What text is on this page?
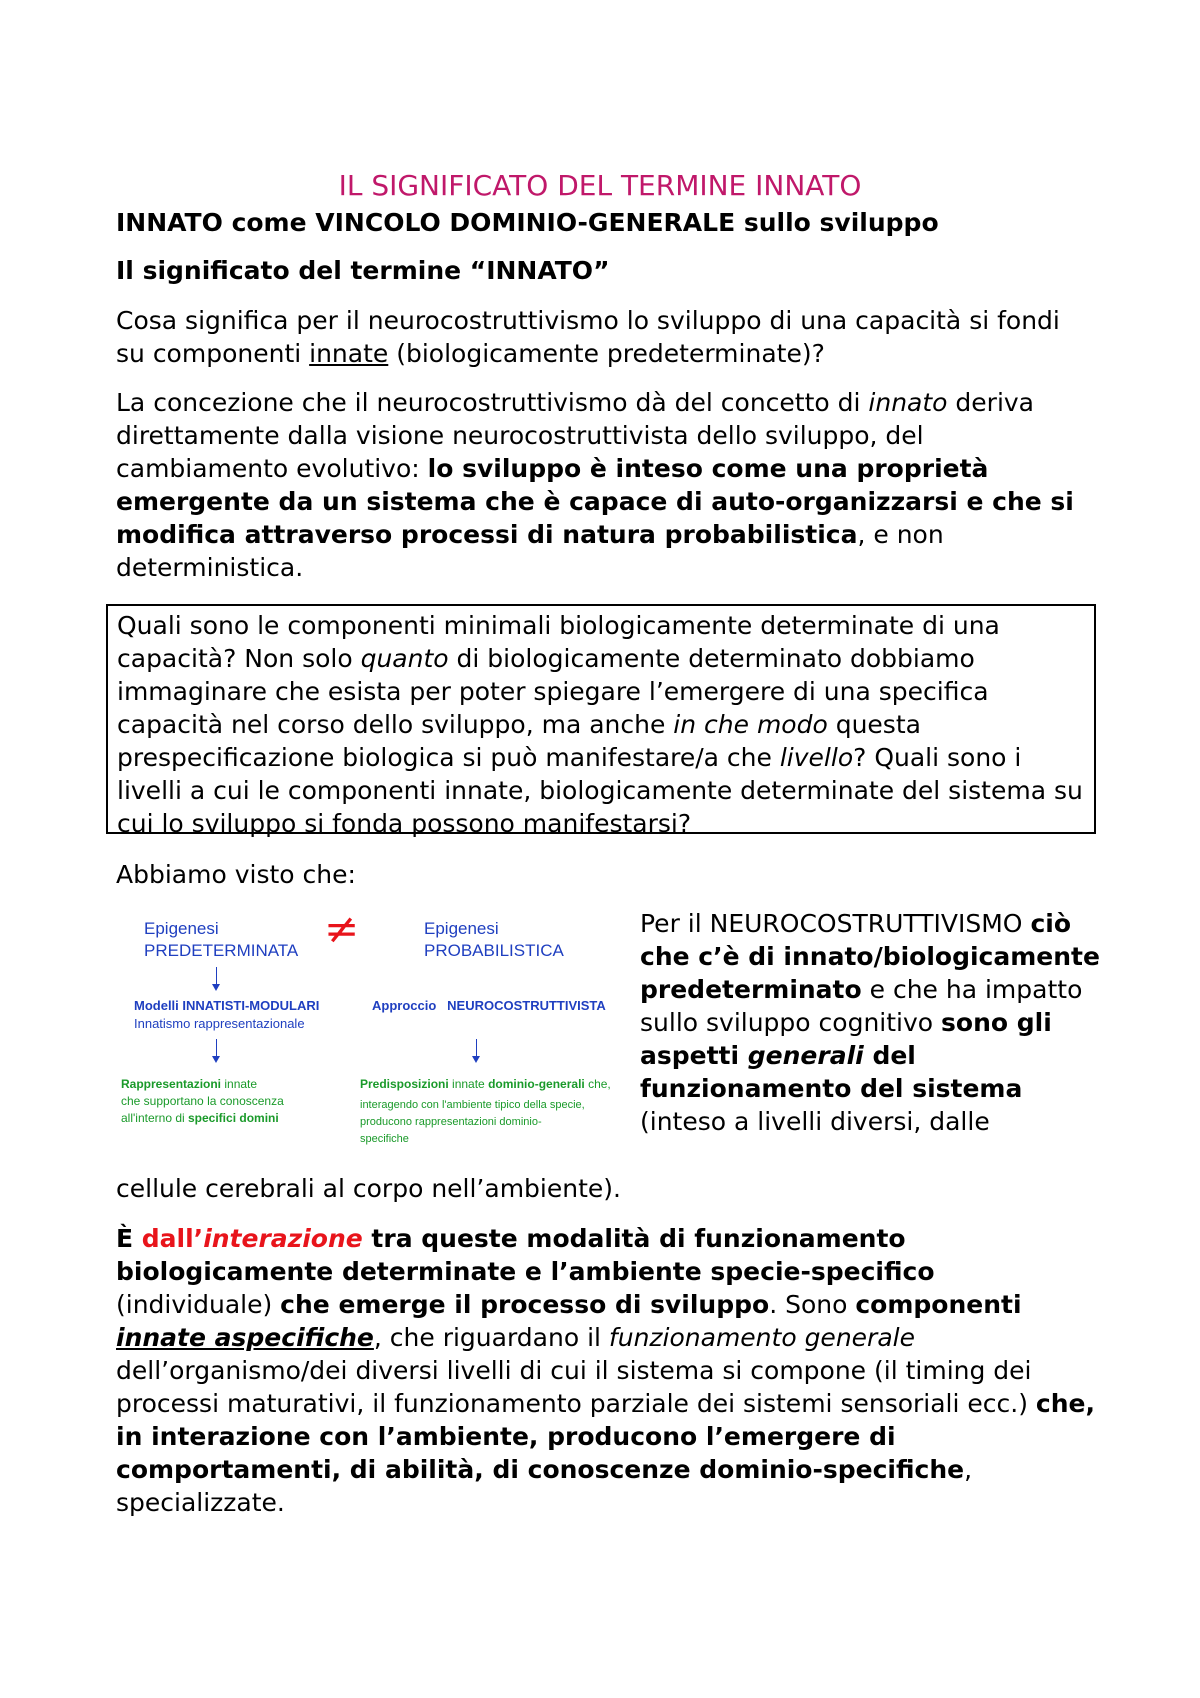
IL SIGNIFICATO DEL TERMINE INNATO
INNATO come VINCOLO DOMINIO-GENERALE sullo sviluppo
Il significato del termine “INNATO”
Cosa significa per il neurocostruttivismo lo sviluppo di una capacità si fondi su componenti innate (biologicamente predeterminate)?
La concezione che il neurocostruttivismo dà del concetto di innato deriva direttamente dalla visione neurocostruttivista dello sviluppo, del cambiamento evolutivo: lo sviluppo è inteso come una proprietà emergente da un sistema che è capace di auto-organizzarsi e che si modifica attraverso processi di natura probabilistica, e non deterministica.
Quali sono le componenti minimali biologicamente determinate di una capacità? Non solo quanto di biologicamente determinato dobbiamo immaginare che esista per poter spiegare l’emergere di una specifica capacità nel corso dello sviluppo, ma anche in che modo questa prespecificazione biologica si può manifestare/a che livello? Quali sono i livelli a cui le componenti innate, biologicamente determinate del sistema su cui lo sviluppo si fonda possono manifestarsi?
Abbiamo visto che:
Epigenesi
PREDETERMINATA
Modelli INNATISTI-MODULARI
Innatismo rappresentazionale
Rappresentazioni innate
che supportano la conoscenza
all'interno di specifici domini
Epigenesi
PROBABILISTICA
Approccio NEUROCOSTRUTTIVISTA
Predisposizioni innate dominio-generali che,
interagendo con l'ambiente tipico della specie,
producono rappresentazioni dominio-
specifiche
≠	Per il NEUROCOSTRUTTIVISMO ciò che c’è di innato/biologicamente predeterminato e che ha impatto sullo sviluppo cognitivo sono gli aspetti generali del funzionamento del sistema (inteso a livelli diversi, dalle
cellule cerebrali al corpo nell’ambiente).
È dall’interazione tra queste modalità di funzionamento biologicamente determinate e l’ambiente specie-specifico (individuale) che emerge il processo di sviluppo. Sono componenti innate aspecifiche, che riguardano il funzionamento generale dell’organismo/dei diversi livelli di cui il sistema si compone (il timing dei processi maturativi, il funzionamento parziale dei sistemi sensoriali ecc.) che, in interazione con l’ambiente, producono l’emergere di comportamenti, di abilità, di conoscenze dominio-specifiche, specializzate.
